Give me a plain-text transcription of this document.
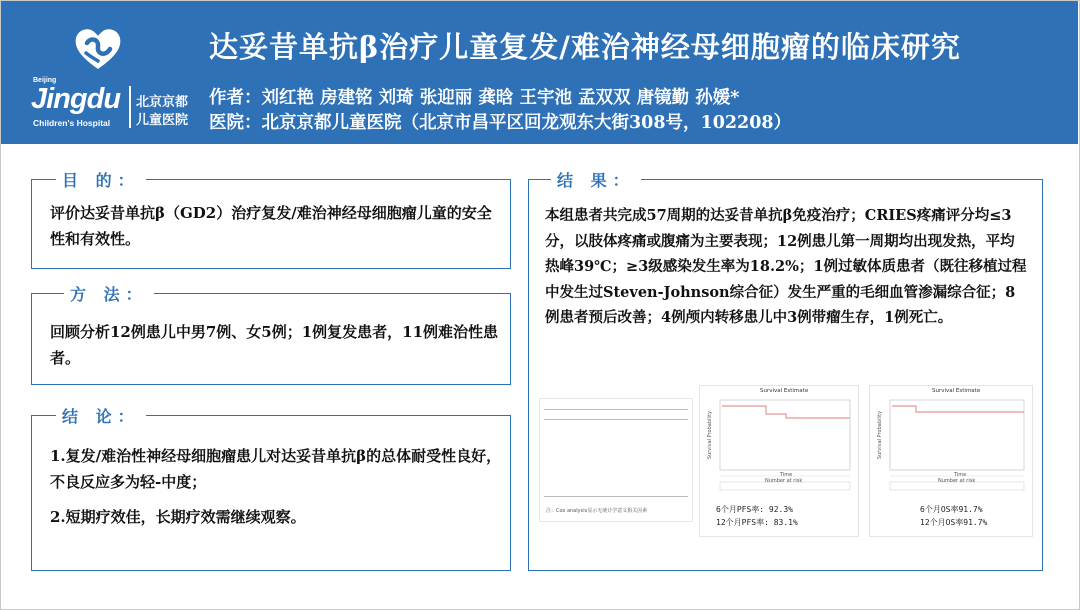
Beijing
Jingdu
Children's Hospital
北京京都
儿童医院
达妥昔单抗β治疗儿童复发/难治神经母细胞瘤的临床研究
作者：刘红艳 房建铭 刘琦 张迎丽 龚晗 王宇池 孟双双 唐镜勤 孙媛*
医院：北京京都儿童医院（北京市昌平区回龙观东大街308号，102208）
目 的：
评价达妥昔单抗β（GD2）治疗复发/难治神经母细胞瘤儿童的安全性和有效性。
方 法：
回顾分析12例患儿中男7例、女5例；1例复发患者，11例难治性患者。
结 论：
1.复发/难治性神经母细胞瘤患儿对达妥昔单抗β的总体耐受性良好，不良反应多为轻-中度；
2.短期疗效佳，长期疗效需继续观察。
结 果：
本组患者共完成57周期的达妥昔单抗β免疫治疗；CRIES疼痛评分均≤3分，以肢体疼痛或腹痛为主要表现；12例患儿第一周期均出现发热，平均热峰39℃；≥3级感染发生率为18.2%；1例过敏体质患者（既往移植过程中发生过Steven-Johnson综合征）发生严重的毛细血管渗漏综合征；8例患者预后改善；4例颅内转移患儿中3例带瘤生存，1例死亡。
注：Cox analysis显示无统计学意义相关因素
Survival Estimate
Survival Probability
Time
Number at risk
6个月PFS率: 92.3%
12个月PFS率: 83.1%
Survival Estimate
Survival Probability
Time
Number at risk
6个月OS率91.7%
12个月OS率91.7%
